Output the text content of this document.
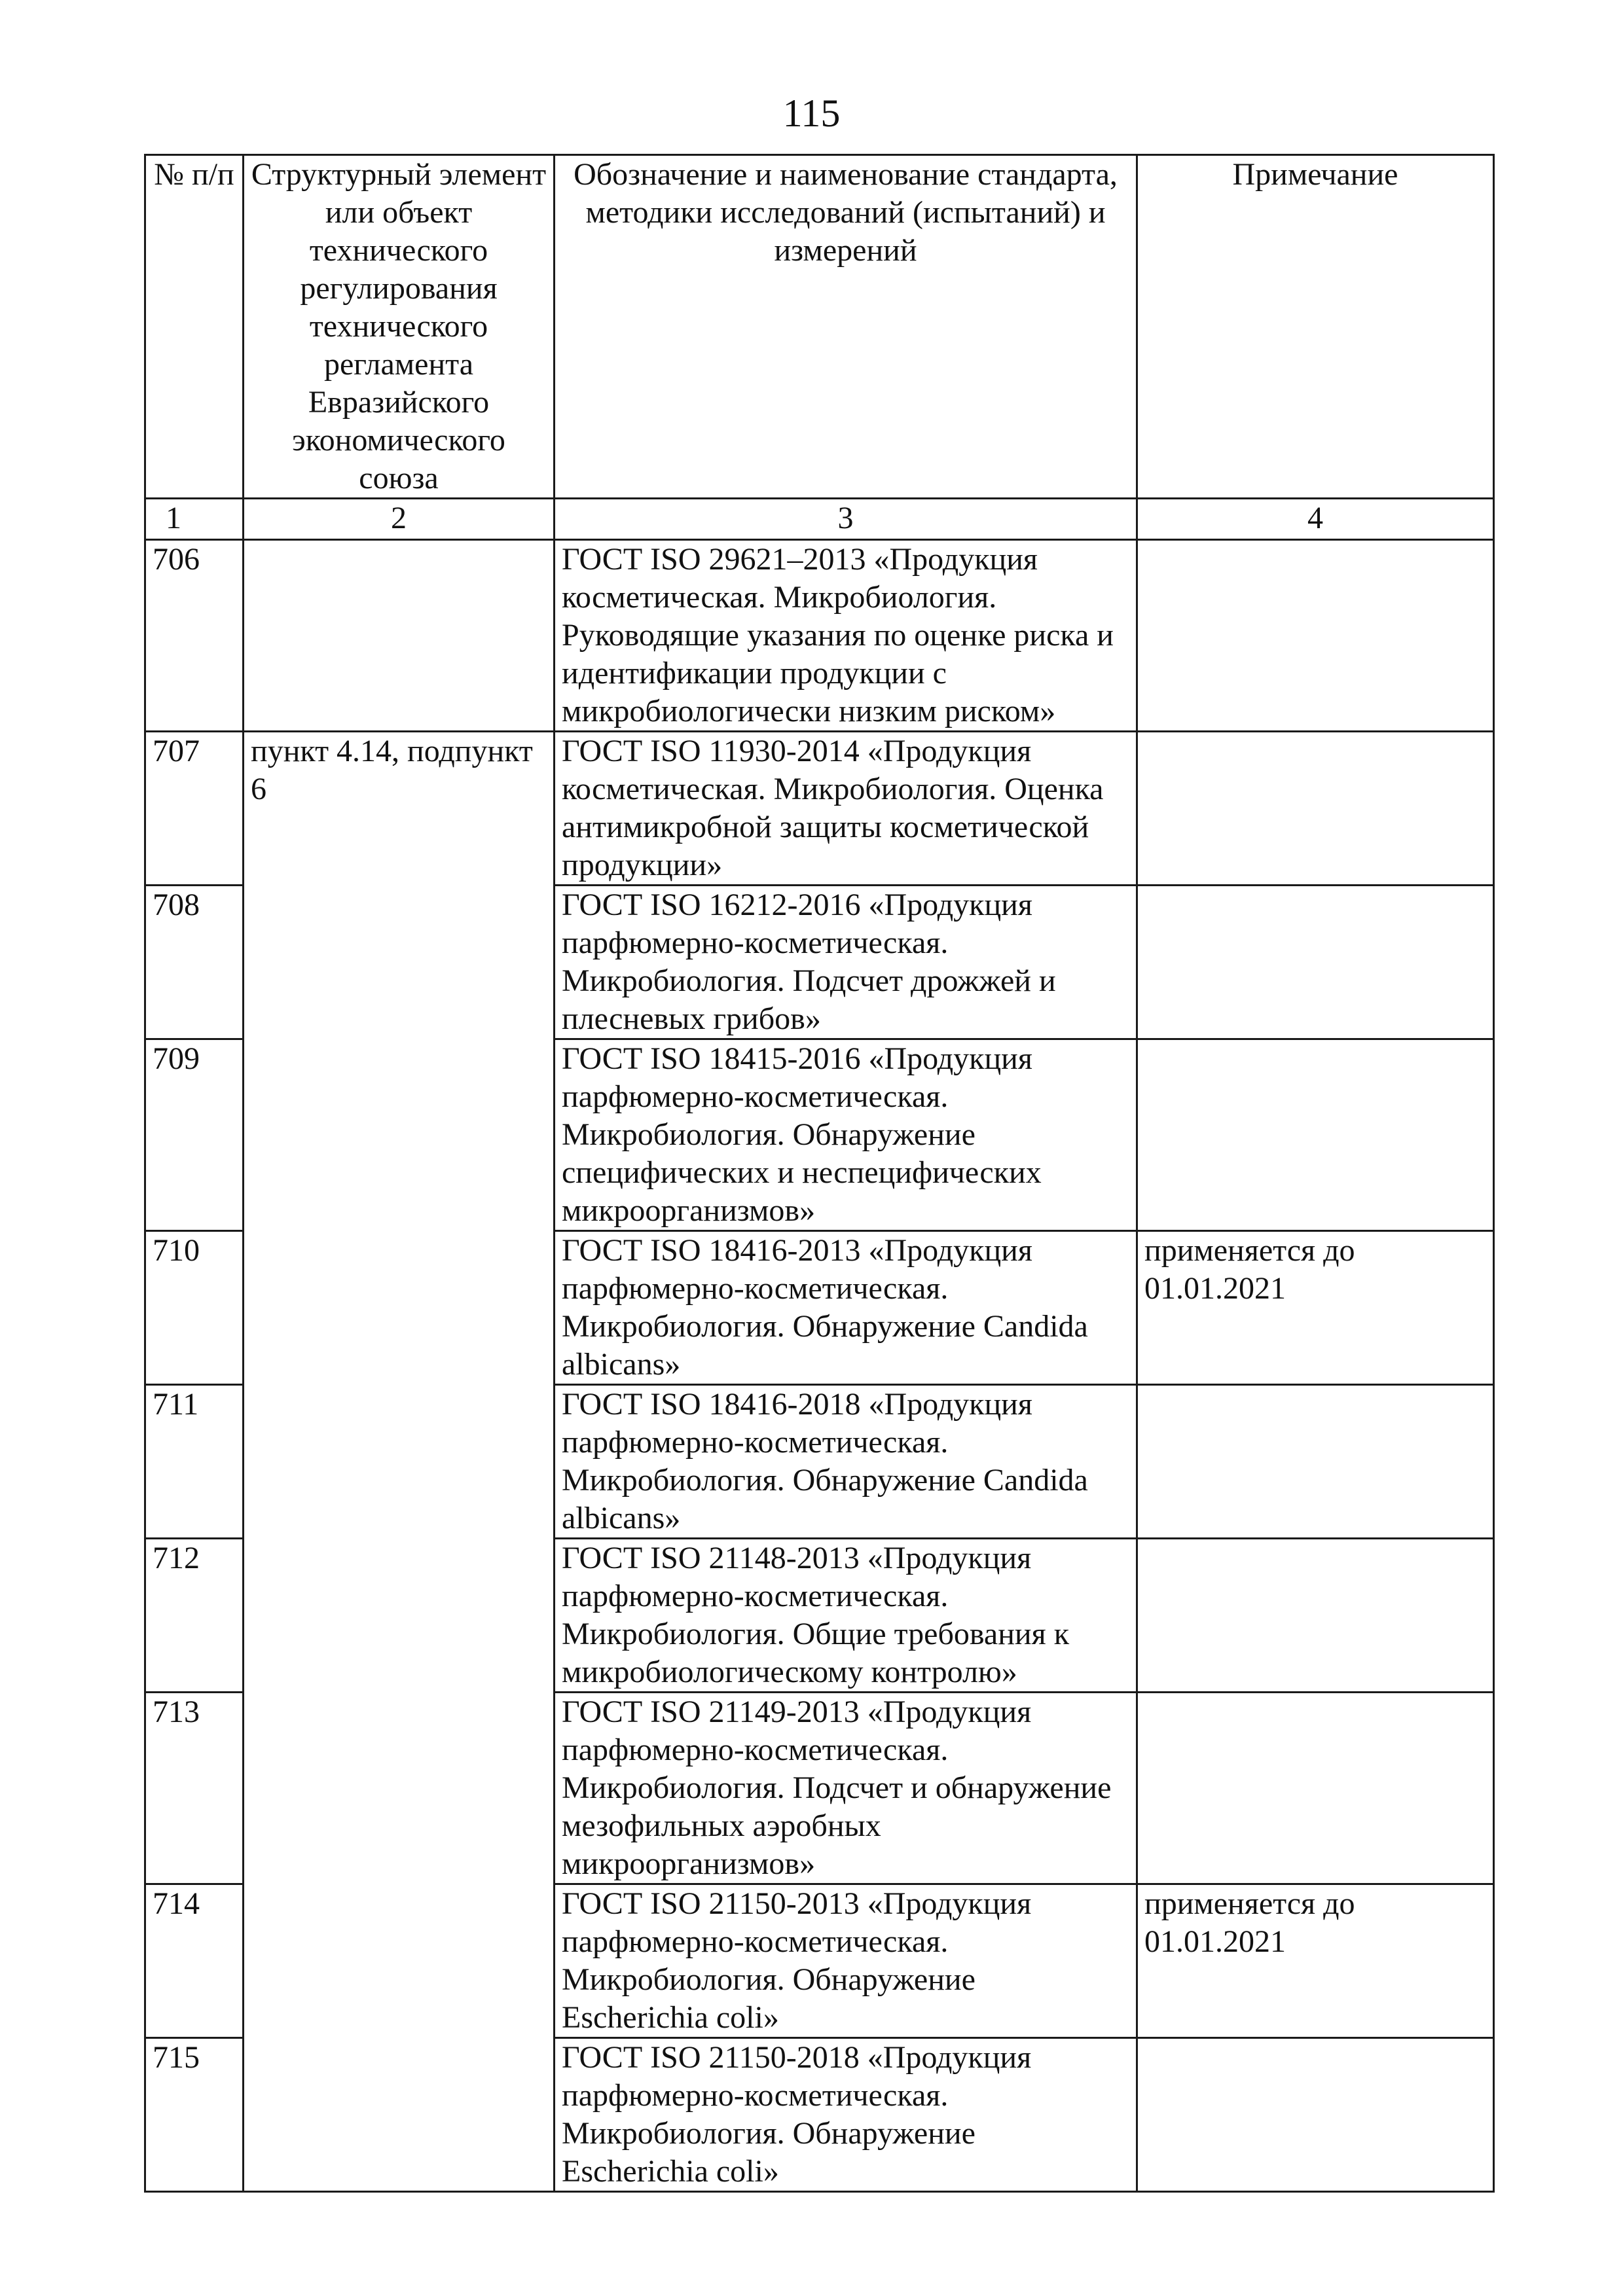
115
№ п/п	Структурный элемент или объект технического регулирования технического регламента Евразийского экономического союза	Обозначение и наименование стандарта, методики исследований (испытаний) и измерений	Примечание
1	2	3	4
706		ГОСТ ISO 29621–2013 «Продукция косметическая. Микробиология. Руководящие указания по оценке риска и идентификации продукции с микробиологически низким риском»	
707	пункт 4.14, подпункт 6	ГОСТ ISO 11930-2014 «Продукция косметическая. Микробиология. Оценка антимикробной защиты косметической продукции»	
708		ГОСТ ISO 16212-2016 «Продукция парфюмерно-косметическая. Микробиология. Подсчет дрожжей и плесневых грибов»	
709		ГОСТ ISO 18415-2016 «Продукция парфюмерно-косметическая. Микробиология. Обнаружение специфических и неспецифических микроорганизмов»	
710		ГОСТ ISO 18416-2013 «Продукция парфюмерно-косметическая. Микробиология. Обнаружение Candida albicans»	применяется до 01.01.2021
711		ГОСТ ISO 18416-2018 «Продукция парфюмерно-косметическая. Микробиология. Обнаружение Candida albicans»	
712		ГОСТ ISO 21148-2013 «Продукция парфюмерно-косметическая. Микробиология. Общие требования к микробиологическому контролю»	
713		ГОСТ ISO 21149-2013 «Продукция парфюмерно-косметическая. Микробиология. Подсчет и обнаружение мезофильных аэробных микроорганизмов»	
714		ГОСТ ISO 21150-2013 «Продукция парфюмерно-косметическая. Микробиология. Обнаружение Escherichia coli»	применяется до 01.01.2021
715		ГОСТ ISO 21150-2018 «Продукция парфюмерно-косметическая. Микробиология. Обнаружение Escherichia coli»	
